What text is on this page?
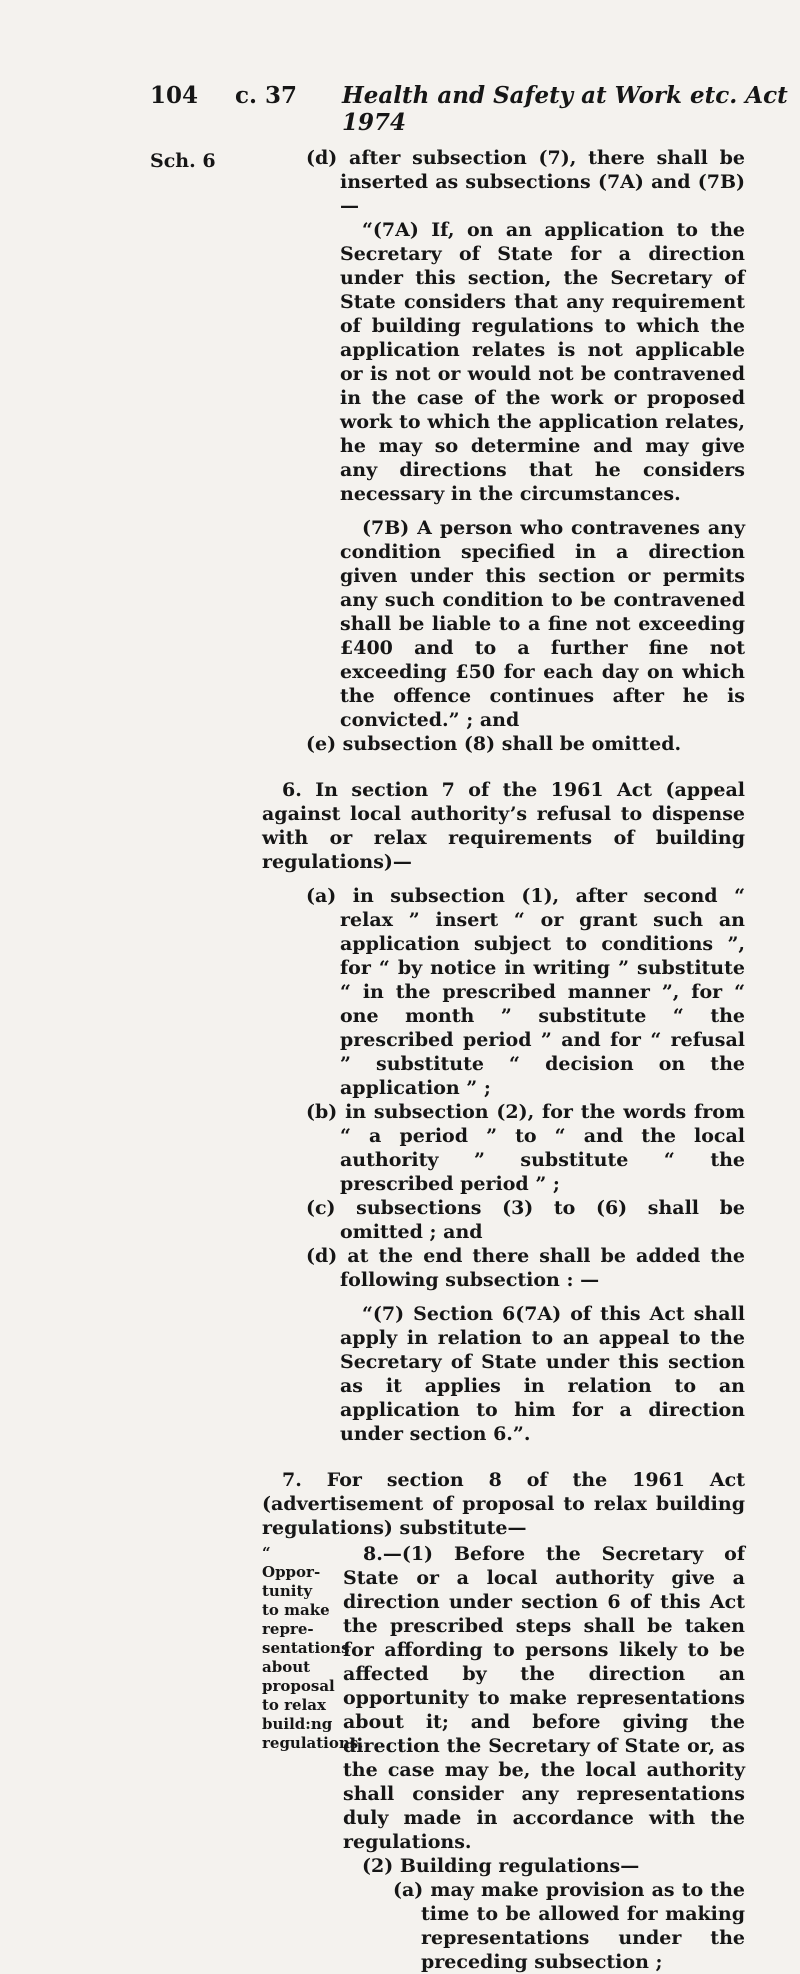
104 c. 37 Health and Safety at Work etc. Act 1974
Sch. 6	(d) after subsection (7), there shall be inserted as subsections (7A) and (7B)—

“(7A) If, on an application to the Secretary of State for a direction under this section, the Secretary of State considers that any requirement of building regulations to which the application relates is not applicable or is not or would not be contravened in the case of the work or proposed work to which the application relates, he may so determine and may give any directions that he considers necessary in the circumstances.

(7B) A person who contravenes any condition specified in a direction given under this section or permits any such condition to be contravened shall be liable to a fine not exceeding £400 and to a further fine not exceeding £50 for each day on which the offence continues after he is convicted.” ; and

(e) subsection (8) shall be omitted.

6. In section 7 of the 1961 Act (appeal against local authority’s refusal to dispense with or relax requirements of building regulations)—

(a) in subsection (1), after second “ relax ” insert “ or grant such an application subject to conditions ”, for “ by notice in writing ” substitute “ in the prescribed manner ”, for “ one month ” substitute “ the prescribed period ” and for “ refusal ” substitute “ decision on the application ” ;

(b) in subsection (2), for the words from “ a period ” to “ and the local authority ” substitute “ the prescribed period ” ;

(c) subsections (3) to (6) shall be omitted ; and

(d) at the end there shall be added the following subsection : —

“(7) Section 6(7A) of this Act shall apply in relation to an appeal to the Secretary of State under this section as it applies in relation to an application to him for a direction under section 6.”.

7. For section 8 of the 1961 Act (advertisement of proposal to relax building regulations) substitute—

“ Oppor- tunity to make repre- sentations about proposal to relax build:ng regulations.

8.—(1) Before the Secretary of State or a local authority give a direction under section 6 of this Act the prescribed steps shall be taken for affording to persons likely to be affected by the direction an opportunity to make representations about it; and before giving the direction the Secretary of State or, as the case may be, the local authority shall consider any representations duly made in accordance with the regulations.

(2) Building regulations—

(a) may make provision as to the time to be allowed for making representations under the preceding subsection ;
